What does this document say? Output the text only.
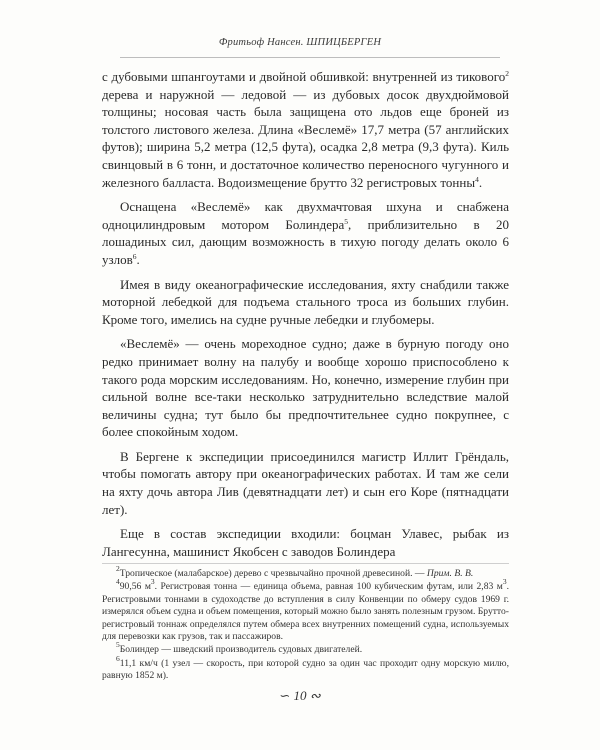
Фритьоф Нансен. ШПИЦБЕРГЕН

с дубовыми шпангоутами и двойной обшивкой: внутренней из тикового$^2$ дерева и наружной — ледовой — из дубовых досок двухдюймовой толщины; носовая часть была защищена ото льдов еще броней из толстого листового железа. Длина «Веслемё» 17,7 метра (57 английских футов); ширина 5,2 метра (12,5 фута), осадка 2,8 метра (9,3 фута). Киль свинцовый в 6 тонн, и достаточное количество переносного чугунного и железного балласта. Водоизмещение брутто 32 регистровых тонны$^4$.

Оснащена «Веслемё» как двухмачтовая шхуна и снабжена одноцилиндровым мотором Болиндера$^5$, приблизительно в 20 лошадиных сил, дающим возможность в тихую погоду делать около 6 узлов$^6$.

Имея в виду океанографические исследования, яхту снабдили также моторной лебедкой для подъема стального троса из больших глубин. Кроме того, имелись на судне ручные лебедки и глубомеры.

«Веслемё» — очень мореходное судно; даже в бурную погоду оно редко принимает волну на палубу и вообще хорошо приспособлено к такого рода морским исследованиям. Но, конечно, измерение глубин при сильной волне все-таки несколько затруднительно вследствие малой величины судна; тут было бы предпочтительнее судно покрупнее, с более спокойным ходом.

В Бергене к экспедиции присоединился магистр Иллит Грёндаль, чтобы помогать автору при океанографических работах. И там же сели на яхту дочь автора Лив (девятнадцати лет) и сын его Коре (пятнадцати лет).

Еще в состав экспедиции входили: боцман Улавес, рыбак из Лангесунна, машинист Якобсен с заводов Болиндера

$^2$Тропическое (малабарское) дерево с чрезвычайно прочной древесиной. — Прим. В. В.

$^4$90,56 $м^3$. Регистровая тонна — единица объема, равная 100 кубическим футам, или 2,83 $м^3$. Регистровыми тоннами в судоходстве до вступления в силу Конвенции по обмеру судов 1969 г. измерялся объем судна и объем помещения, который можно было занять полезным грузом. Брутто-регистровый тоннаж определялся путем обмера всех внутренних помещений судна, используемых для перевозки как грузов, так и пассажиров.

$^5$Болиндер — шведский производитель судовых двигателей.

$^6$11,1 км/ч (1 узел — скорость, при которой судно за один час проходит одну морскую милю, равную 1852 м).

∽ 10 ∾
